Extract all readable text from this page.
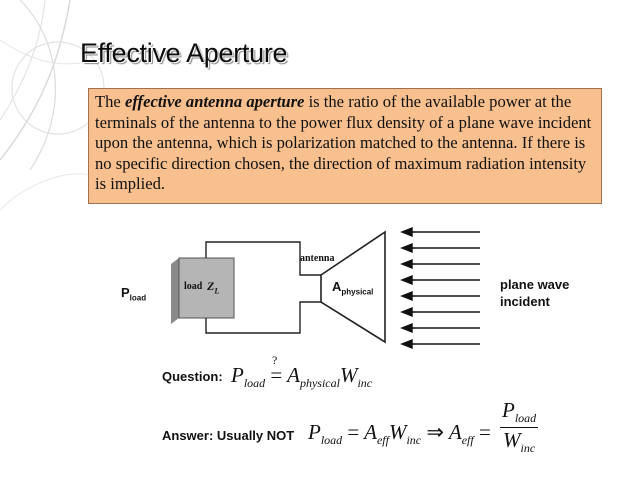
Effective Aperture
The effective antenna aperture is the ratio of the available power at the terminals of the antenna to the power flux density of a plane wave incident upon the antenna, which is polarization matched to the antenna. If there is no specific direction chosen, the direction of maximum radiation intensity is implied.
antenna
load $Z_L$
$P_{load}$
$A_{physical}$
plane wave
incident
Question:
?
$P_{load} = A_{physical}W_{inc}$
Answer: Usually NOT $P_{load} = A_{eff}W_{inc}$ ⇒ $A_{eff}$ =
$P_{load}$
$W_{inc}$
